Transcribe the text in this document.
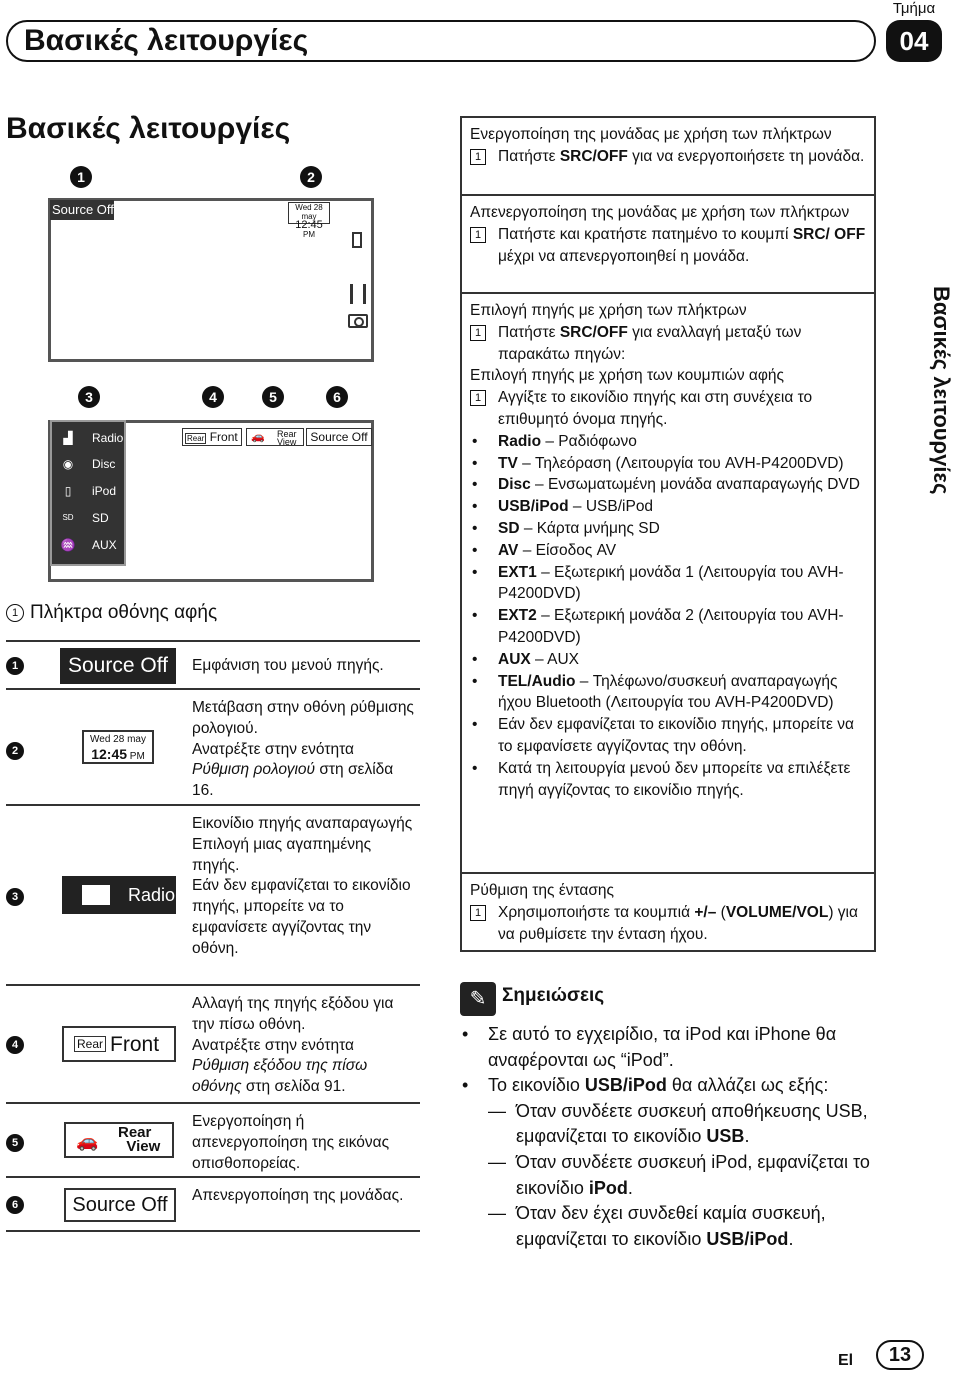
Τμήμα
Βασικές λειτουργίες	04
Βασικές λειτουργίες
Βασικές λειτουργίες
1	2
3	4	5	6
Source Off	Wed 28 may
12:45 PM
▟ Radio
◉ Disc
▯	iPod
SD SD
♒ AUX
Rear Front	🚗 Rear
View	Source Off
1 Πλήκτρα οθόνης αφής
1	Source Off	Εμφάνιση του μενού πηγής.
2
Wed 28 may
12:45 PM
Μετάβαση στην οθόνη ρύθμισης ρολογιού.
Ανατρέξτε στην ενότητα
Ρύθμιση ρολογιού στη σελίδα 16.
3	Radio
Εικονίδιο πηγής αναπαραγωγής
Επιλογή μιας αγαπημένης πηγής.
Εάν δεν εμφανίζεται το εικονίδιο πηγής, μπορείτε να το εμφανίσετε αγγίζοντας την οθόνη.
4	Rear Front
Αλλαγή της πηγής εξόδου για την πίσω οθόνη.
Ανατρέξτε στην ενότητα
Ρύθμιση εξόδου της πίσω οθόνης στη σελίδα 91.
5	🚗 Rear
View
Ενεργοποίηση ή απενεργοποίηση της εικόνας οπισθοπορείας.
6	Source Off	Απενεργοποίηση της μονάδας.
Ενεργοποίηση της μονάδας με χρήση των πλήκτρων
1	Πατήστε SRC/OFF για να ενεργοποιήσετε τη μονάδα.
Απενεργοποίηση της μονάδας με χρήση των πλήκτρων
1	Πατήστε και κρατήστε πατημένο το κουμπί SRC/ OFF μέχρι να απενεργοποιηθεί η μονάδα.
Επιλογή πηγής με χρήση των πλήκτρων
1	Πατήστε SRC/OFF για εναλλαγή μεταξύ των παρακάτω πηγών:
Επιλογή πηγής με χρήση των κουμπιών αφής
1	Αγγίξτε το εικονίδιο πηγής και στη συνέχεια το επιθυμητό όνομα πηγής.
• Radio – Ραδιόφωνο
• TV – Τηλεόραση (Λειτουργία του AVH-P4200DVD)
• Disc – Ενσωματωμένη μονάδα αναπαραγωγής DVD
• USB/iPod – USB/iPod
• SD – Κάρτα μνήμης SD
• AV – Είσοδος AV
• EXT1 – Εξωτερική μονάδα 1 (Λειτουργία του AVH-P4200DVD)
• EXT2 – Εξωτερική μονάδα 2 (Λειτουργία του AVH-P4200DVD)
• AUX – AUX
• TEL/Audio – Τηλέφωνο/συσκευή αναπαραγωγής ήχου Bluetooth (Λειτουργία του AVH-P4200DVD)
• Εάν δεν εμφανίζεται το εικονίδιο πηγής, μπορείτε να το εμφανίσετε αγγίζοντας την οθόνη.
• Κατά τη λειτουργία μενού δεν μπορείτε να επιλέξετε πηγή αγγίζοντας το εικονίδιο πηγής.
Ρύθμιση της έντασης
1	Χρησιμοποιήστε τα κουμπιά +/– (VOLUME/VOL) για να ρυθμίσετε την ένταση ήχου.
✎ Σημειώσεις
• Σε αυτό το εγχειρίδιο, τα iPod και iPhone θα αναφέρονται ως “iPod”.
• Το εικονίδιο USB/iPod θα αλλάζει ως εξής:
— Όταν συνδέετε συσκευή αποθήκευσης USB, εμφανίζεται το εικονίδιο USB.
— Όταν συνδέετε συσκευή iPod, εμφανίζεται το εικονίδιο iPod.
— Όταν δεν έχει συνδεθεί καμία συσκευή, εμφανίζεται το εικονίδιο USB/iPod.
El	13
